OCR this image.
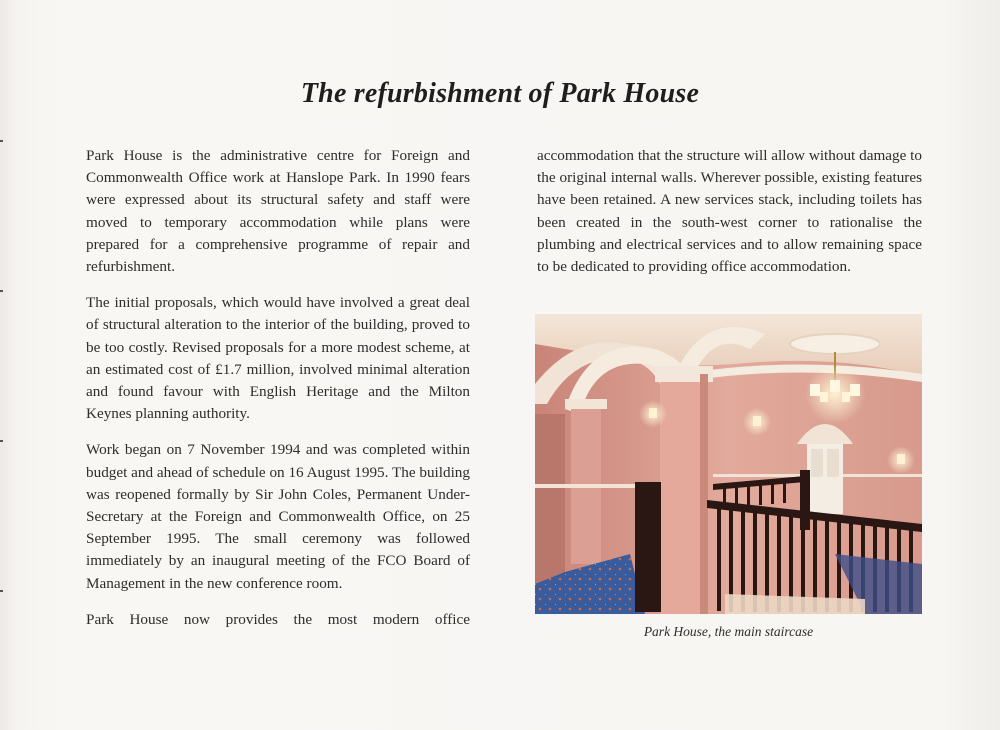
The refurbishment of Park House

Park House is the administrative centre for Foreign and Commonwealth Office work at Hanslope Park. In 1990 fears were expressed about its structural safety and staff were moved to temporary accommodation while plans were prepared for a comprehensive programme of repair and refurbishment.

The initial proposals, which would have involved a great deal of structural alteration to the interior of the building, proved to be too costly. Revised proposals for a more modest scheme, at an estimated cost of £1.7 million, involved minimal alteration and found favour with English Heritage and the Milton Keynes planning authority.

Work began on 7 November 1994 and was completed within budget and ahead of schedule on 16 August 1995. The building was reopened formally by Sir John Coles, Permanent Under-Secretary at the Foreign and Commonwealth Office, on 25 September 1995. The small ceremony was followed immediately by an inaugural meeting of the FCO Board of Management in the new conference room.

Park House now provides the most modern office

accommodation that the structure will allow without damage to the original internal walls. Wherever possible, existing features have been retained. A new services stack, including toilets has been created in the south-west corner to rationalise the plumbing and electrical services and to allow remaining space to be dedicated to providing office accommodation.

Park House, the main staircase
